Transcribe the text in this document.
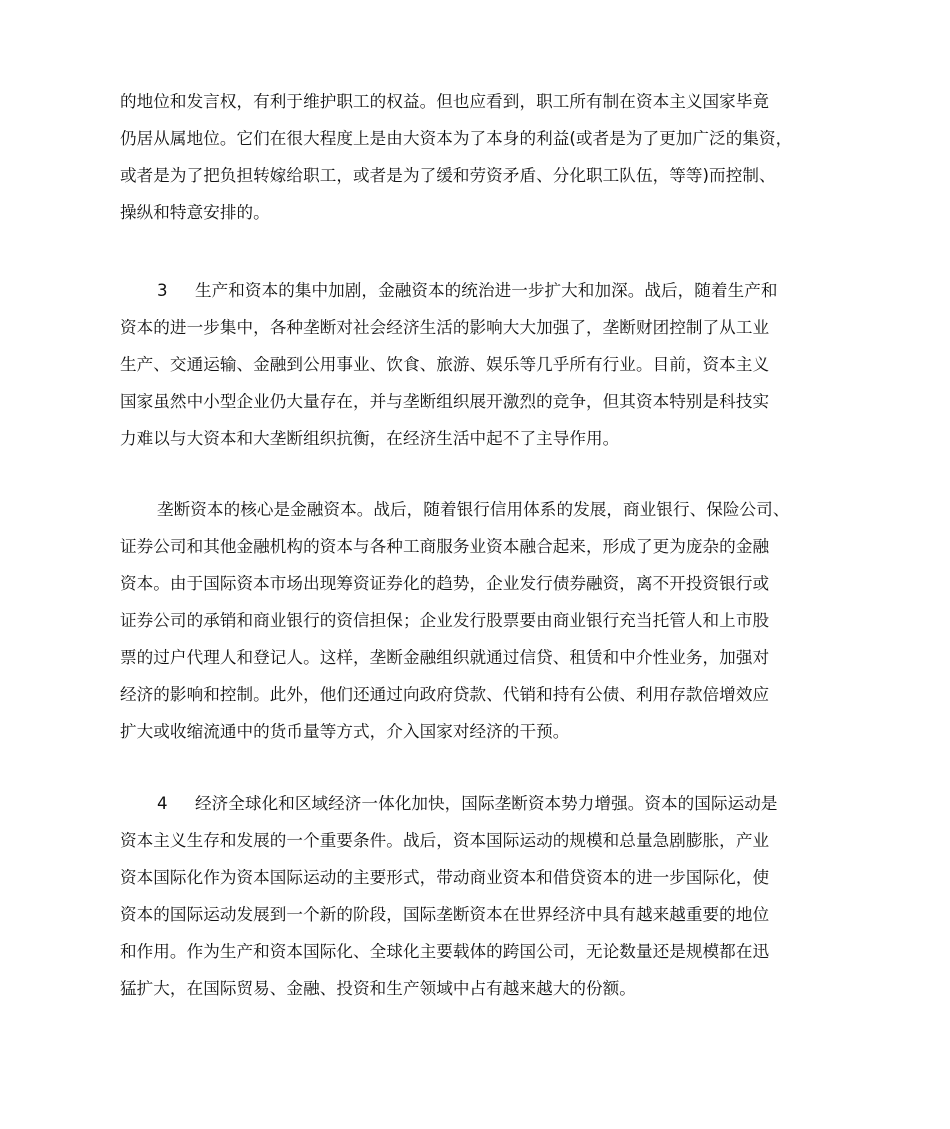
的地位和发言权，有利于维护职工的权益。但也应看到，职工所有制在资本主义国家毕竟
仍居从属地位。它们在很大程度上是由大资本为了本身的利益(或者是为了更加广泛的集资，
或者是为了把负担转嫁给职工，或者是为了缓和劳资矛盾、分化职工队伍，等等)而控制、
操纵和特意安排的。
3 生产和资本的集中加剧，金融资本的统治进一步扩大和加深。战后，随着生产和
资本的进一步集中，各种垄断对社会经济生活的影响大大加强了，垄断财团控制了从工业
生产、交通运输、金融到公用事业、饮食、旅游、娱乐等几乎所有行业。目前，资本主义
国家虽然中小型企业仍大量存在，并与垄断组织展开激烈的竞争，但其资本特别是科技实
力难以与大资本和大垄断组织抗衡，在经济生活中起不了主导作用。
垄断资本的核心是金融资本。战后，随着银行信用体系的发展，商业银行、保险公司、
证券公司和其他金融机构的资本与各种工商服务业资本融合起来，形成了更为庞杂的金融
资本。由于国际资本市场出现筹资证券化的趋势，企业发行债券融资，离不开投资银行或
证券公司的承销和商业银行的资信担保；企业发行股票要由商业银行充当托管人和上市股
票的过户代理人和登记人。这样，垄断金融组织就通过信贷、租赁和中介性业务，加强对
经济的影响和控制。此外，他们还通过向政府贷款、代销和持有公债、利用存款倍增效应
扩大或收缩流通中的货币量等方式，介入国家对经济的干预。
4 经济全球化和区域经济一体化加快，国际垄断资本势力增强。资本的国际运动是
资本主义生存和发展的一个重要条件。战后，资本国际运动的规模和总量急剧膨胀，产业
资本国际化作为资本国际运动的主要形式，带动商业资本和借贷资本的进一步国际化，使
资本的国际运动发展到一个新的阶段，国际垄断资本在世界经济中具有越来越重要的地位
和作用。作为生产和资本国际化、全球化主要载体的跨国公司，无论数量还是规模都在迅
猛扩大，在国际贸易、金融、投资和生产领域中占有越来越大的份额。
